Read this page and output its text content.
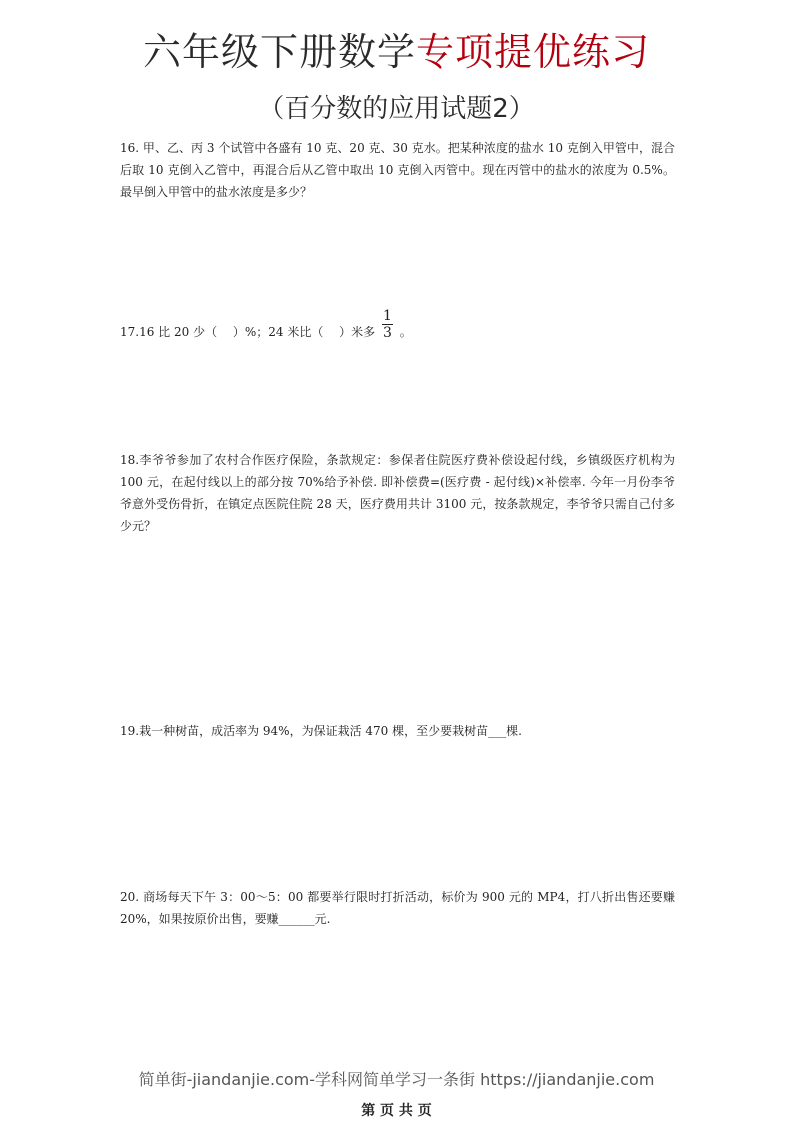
六年级下册数学专项提优练习
（百分数的应用试题2）
16. 甲、乙、丙 3 个试管中各盛有 10 克、20 克、30 克水。把某种浓度的盐水 10 克倒入甲管中，混合后取 10 克倒入乙管中，再混合后从乙管中取出 10 克倒入丙管中。现在丙管中的盐水的浓度为 0.5%。最早倒入甲管中的盐水浓度是多少？
17.16 比 20 少（　 ）%；24 米比（　 ）米多 $\frac{1}{3}$ 。
18.李爷爷参加了农村合作医疗保险，条款规定：参保者住院医疗费补偿设起付线，乡镇级医疗机构为 100 元，在起付线以上的部分按 70%给予补偿. 即补偿费=(医疗费 - 起付线)×补偿率. 今年一月份李爷爷意外受伤骨折，在镇定点医院住院 28 天，医疗费用共计 3100 元，按条款规定，李爷爷只需自己付多少元？
19.栽一种树苗，成活率为 94%，为保证栽活 470 棵，至少要栽树苗___棵.
20. 商场每天下午 3：00～5：00 都要举行限时打折活动，标价为 900 元的 MP4，打八折出售还要赚 20%，如果按原价出售，要赚______元.
简单街-jiandanjie.com-学科网简单学习一条街 https://jiandanjie.com
第 页 共 页
